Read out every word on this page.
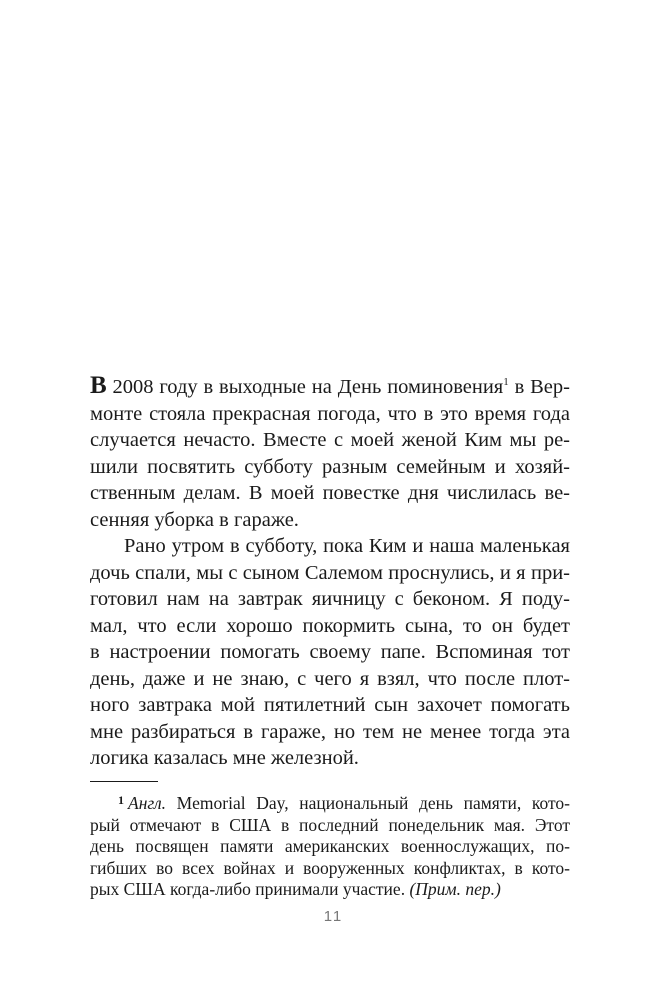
В 2008 году в выходные на День поминовения$^1$ в Вер-
монте стояла прекрасная погода, что в это время года
случается нечасто. Вместе с моей женой Ким мы ре-
шили посвятить субботу разным семейным и хозяй-
ственным делам. В моей повестке дня числилась ве-
сенняя уборка в гараже.
Рано утром в субботу, пока Ким и наша маленькая
дочь спали, мы с сыном Салемом проснулись, и я при-
готовил нам на завтрак яичницу с беконом. Я поду-
мал, что если хорошо покормить сына, то он будет
в настроении помогать своему папе. Вспоминая тот
день, даже и не знаю, с чего я взял, что после плот-
ного завтрака мой пятилетний сын захочет помогать
мне разбираться в гараже, но тем не менее тогда эта
логика казалась мне железной.
$^1$ Англ. Memorial Day, национальный день памяти, кото-
рый отмечают в США в последний понедельник мая. Этот
день посвящен памяти американских военнослужащих, по-
гибших во всех войнах и вооруженных конфликтах, в кото-
рых США когда-либо принимали участие. (Прим. пер.)
11
